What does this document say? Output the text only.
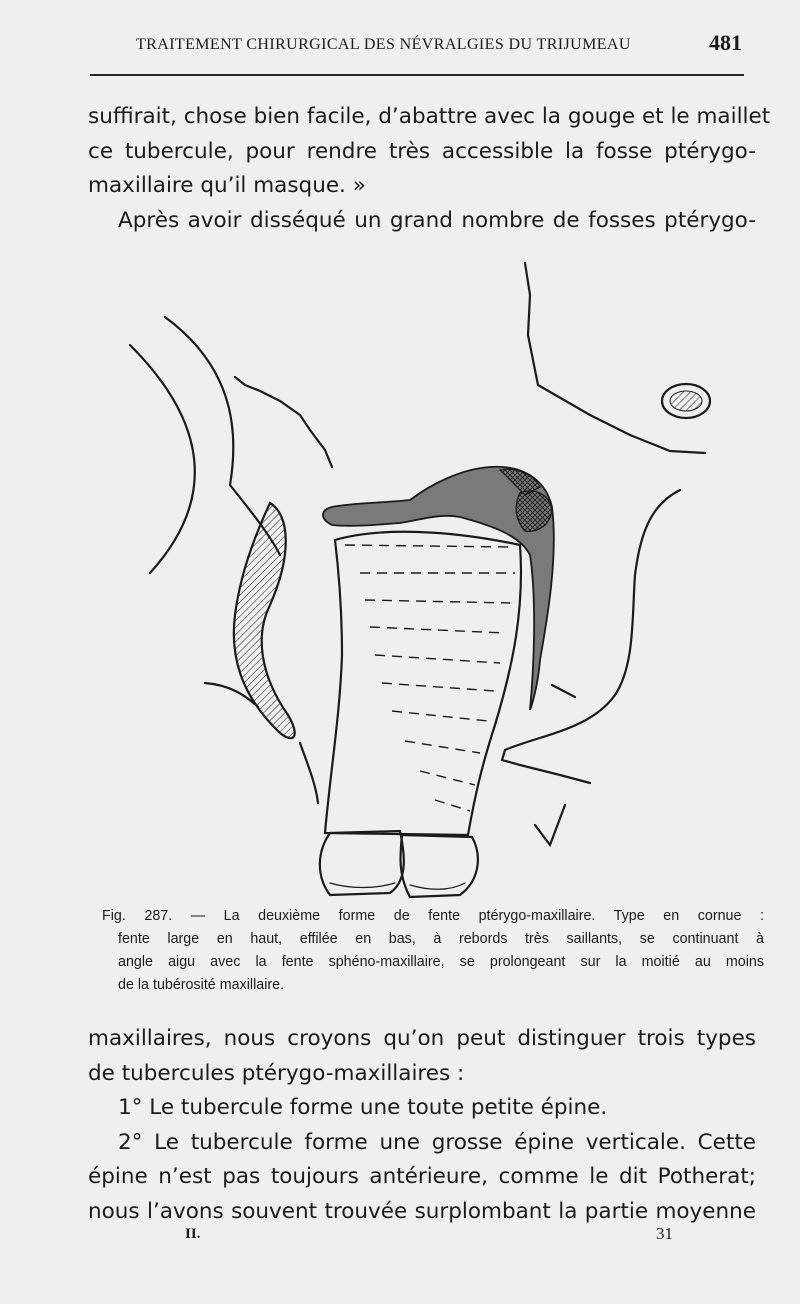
TRAITEMENT CHIRURGICAL DES NÉVRALGIES DU TRIJUMEAU	481
suffirait, chose bien facile, d’abattre avec la gouge et le maillet
ce tubercule, pour rendre très accessible la fosse ptérygo-
maxillaire qu’il masque. »
Après avoir disséqué un grand nombre de fosses ptérygo-
Fig. 287. — La deuxième forme de fente ptérygo-maxillaire. Type en cornue :
fente large en haut, effilée en bas, à rebords très saillants, se continuant à
angle aigu avec la fente sphéno-maxillaire, se prolongeant sur la moitié au moins
de la tubérosité maxillaire.
maxillaires, nous croyons qu’on peut distinguer trois types
de tubercules ptérygo-maxillaires :
1° Le tubercule forme une toute petite épine.
2° Le tubercule forme une grosse épine verticale. Cette
épine n’est pas toujours antérieure, comme le dit Potherat;
nous l’avons souvent trouvée surplombant la partie moyenne
II.	31
